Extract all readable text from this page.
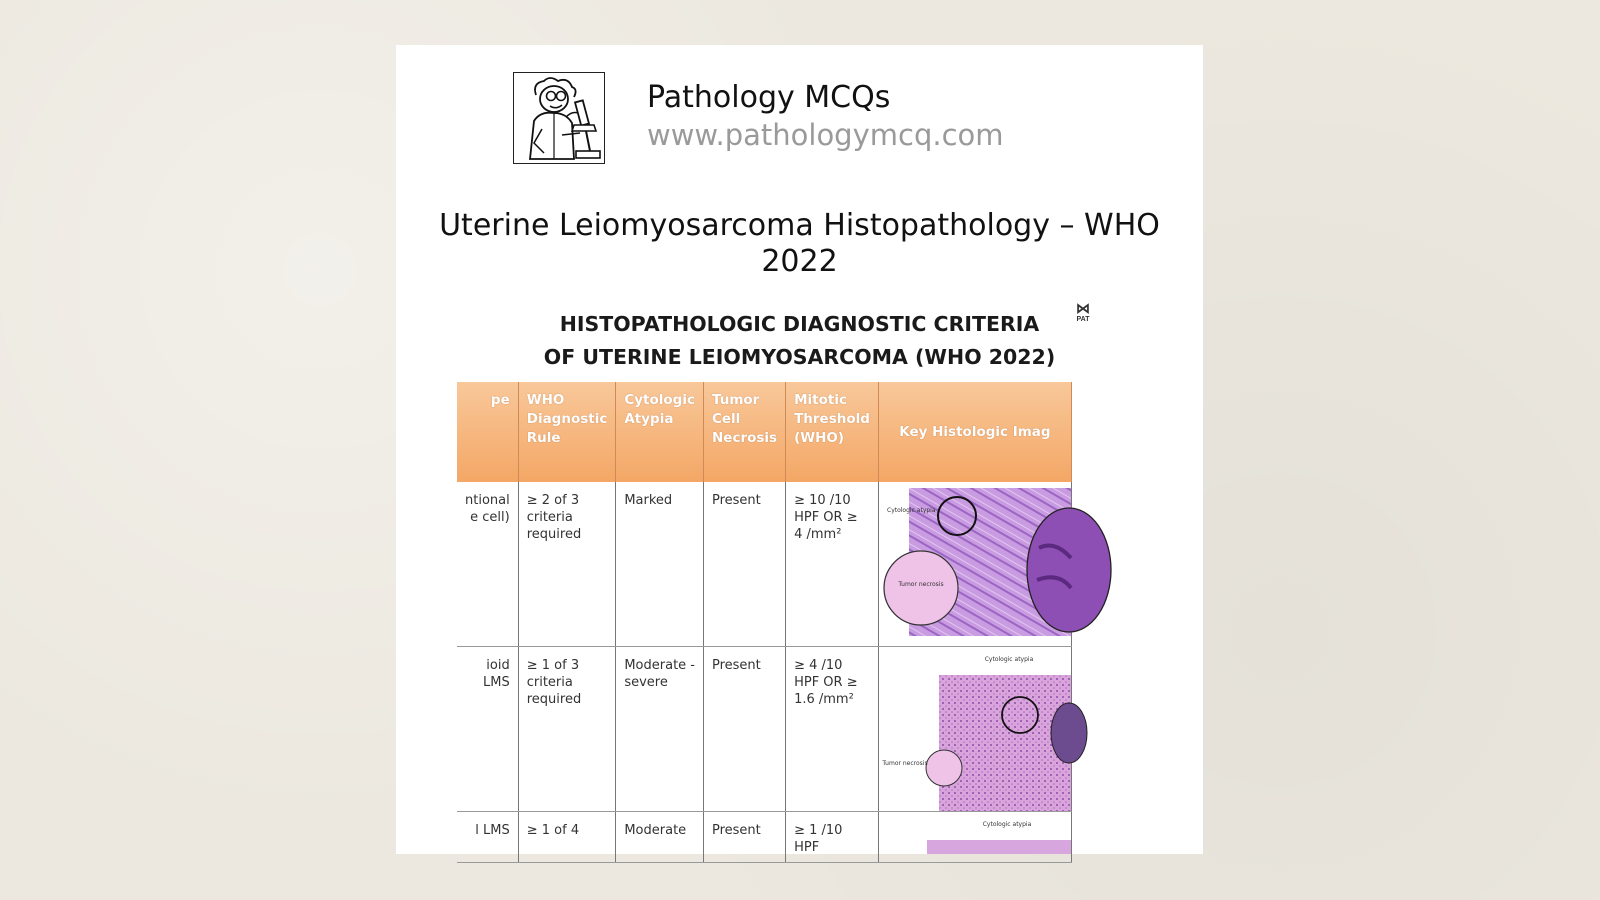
Pathology MCQs
www.pathologymcq.com
Uterine Leiomyosarcoma Histopathology – WHO 2022
HISTOPATHOLOGIC DIAGNOSTIC CRITERIA
OF UTERINE LEIOMYOSARCOMA (WHO 2022)
⋈
PAT
pe	WHO Diagnostic Rule	Cytologic Atypia	Tumor Cell Necrosis	Mitotic Threshold (WHO)	Key Histologic Imag
ntional
e cell)	≥ 2 of 3 criteria required	Marked	Present	≥ 10 /10 HPF OR ≥ 4 /mm²	Cytologic atypia
Tumor necrosis

ioid LMS	≥ 1 of 3 criteria required	Moderate -severe	Present	≥ 4 /10 HPF OR ≥ 1.6 /mm²	Cytologic atypia
Tumor necrosis

l LMS	≥ 1 of 4	Moderate	Present	≥ 1 /10 HPF	Cytologic atypia
